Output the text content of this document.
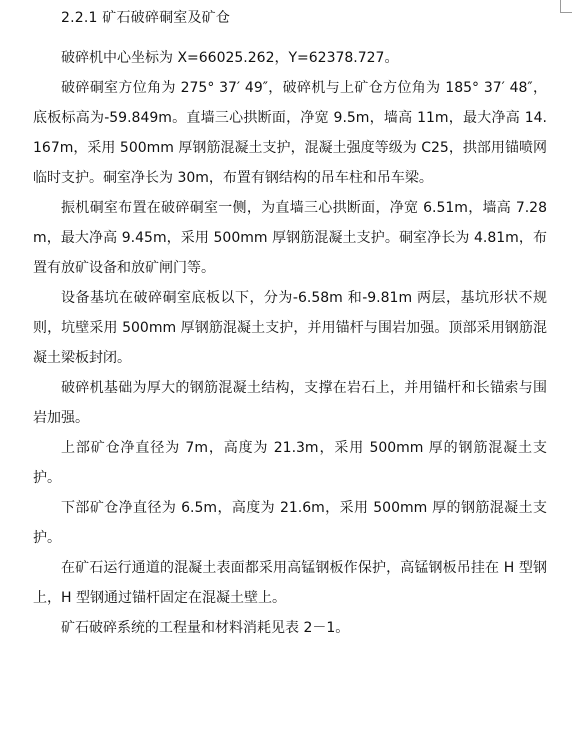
2.2.1 矿石破碎硐室及矿仓

破碎机中心坐标为 X=66025.262，Y=62378.727。

破碎硐室方位角为 275° 37′ 49″，破碎机与上矿仓方位角为 185° 37′ 48″，底板标高为-59.849m。直墙三心拱断面，净宽 9.5m，墙高 11m，最大净高 14.167m，采用 500mm 厚钢筋混凝土支护，混凝土强度等级为 C25，拱部用锚喷网临时支护。硐室净长为 30m，布置有钢结构的吊车柱和吊车梁。

振机硐室布置在破碎硐室一侧，为直墙三心拱断面，净宽 6.51m，墙高 7.28m，最大净高 9.45m，采用 500mm 厚钢筋混凝土支护。硐室净长为 4.81m，布置有放矿设备和放矿闸门等。

设备基坑在破碎硐室底板以下，分为-6.58m 和-9.81m 两层，基坑形状不规则，坑壁采用 500mm 厚钢筋混凝土支护，并用锚杆与围岩加强。顶部采用钢筋混凝土梁板封闭。

破碎机基础为厚大的钢筋混凝土结构，支撑在岩石上，并用锚杆和长锚索与围岩加强。

上部矿仓净直径为 7m，高度为 21.3m，采用 500mm 厚的钢筋混凝土支护。

下部矿仓净直径为 6.5m，高度为 21.6m，采用 500mm 厚的钢筋混凝土支护。

在矿石运行通道的混凝土表面都采用高锰钢板作保护，高锰钢板吊挂在 H 型钢上，H 型钢通过锚杆固定在混凝土壁上。

矿石破碎系统的工程量和材料消耗见表 2－1。
